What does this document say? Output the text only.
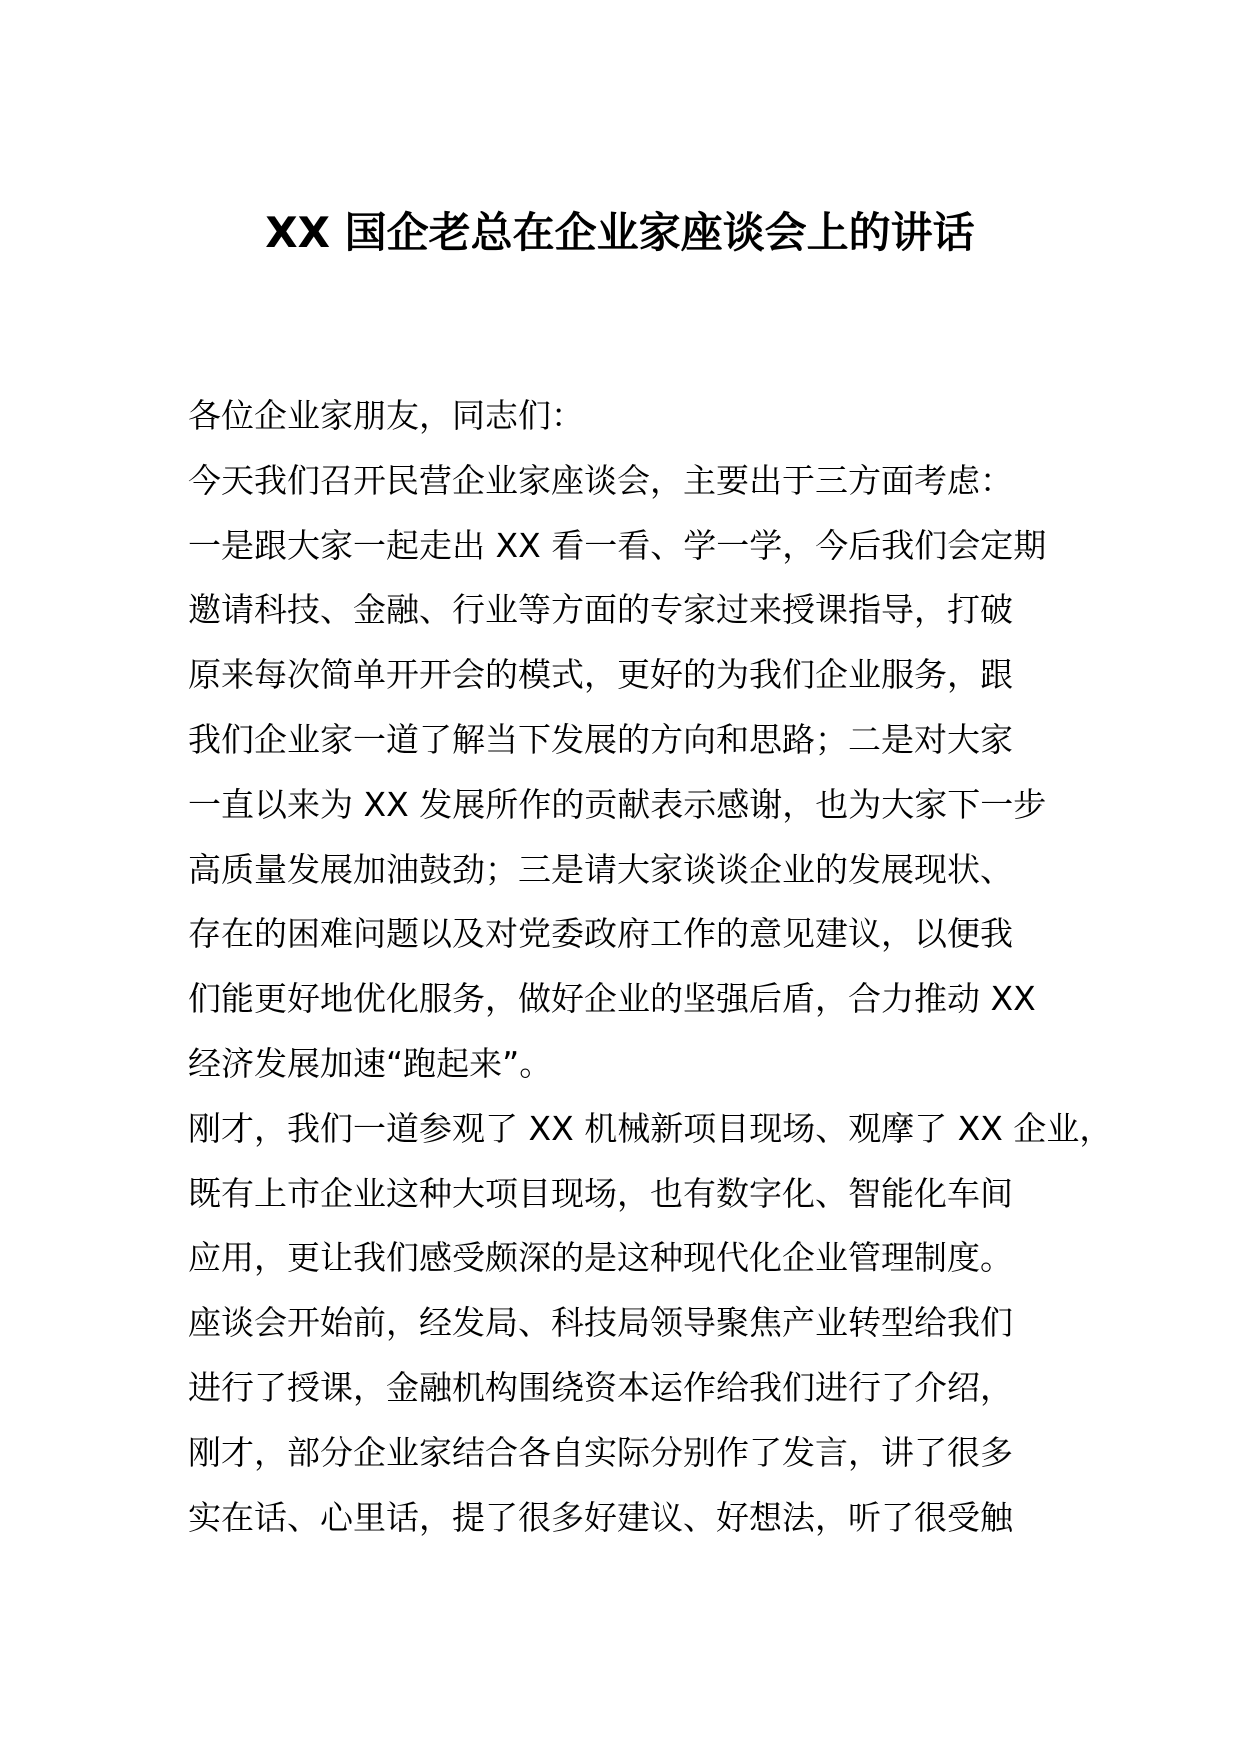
XX 国企老总在企业家座谈会上的讲话
各位企业家朋友，同志们：
今天我们召开民营企业家座谈会，主要出于三方面考虑：
一是跟大家一起走出 XX 看一看、学一学，今后我们会定期
邀请科技、金融、行业等方面的专家过来授课指导，打破
原来每次简单开开会的模式，更好的为我们企业服务，跟
我们企业家一道了解当下发展的方向和思路；二是对大家
一直以来为 XX 发展所作的贡献表示感谢，也为大家下一步
高质量发展加油鼓劲；三是请大家谈谈企业的发展现状、
存在的困难问题以及对党委政府工作的意见建议，以便我
们能更好地优化服务，做好企业的坚强后盾，合力推动 XX
经济发展加速“跑起来”。
刚才，我们一道参观了 XX 机械新项目现场、观摩了 XX 企业，
既有上市企业这种大项目现场，也有数字化、智能化车间
应用，更让我们感受颇深的是这种现代化企业管理制度。
座谈会开始前，经发局、科技局领导聚焦产业转型给我们
进行了授课，金融机构围绕资本运作给我们进行了介绍，
刚才，部分企业家结合各自实际分别作了发言，讲了很多
实在话、心里话，提了很多好建议、好想法，听了很受触
